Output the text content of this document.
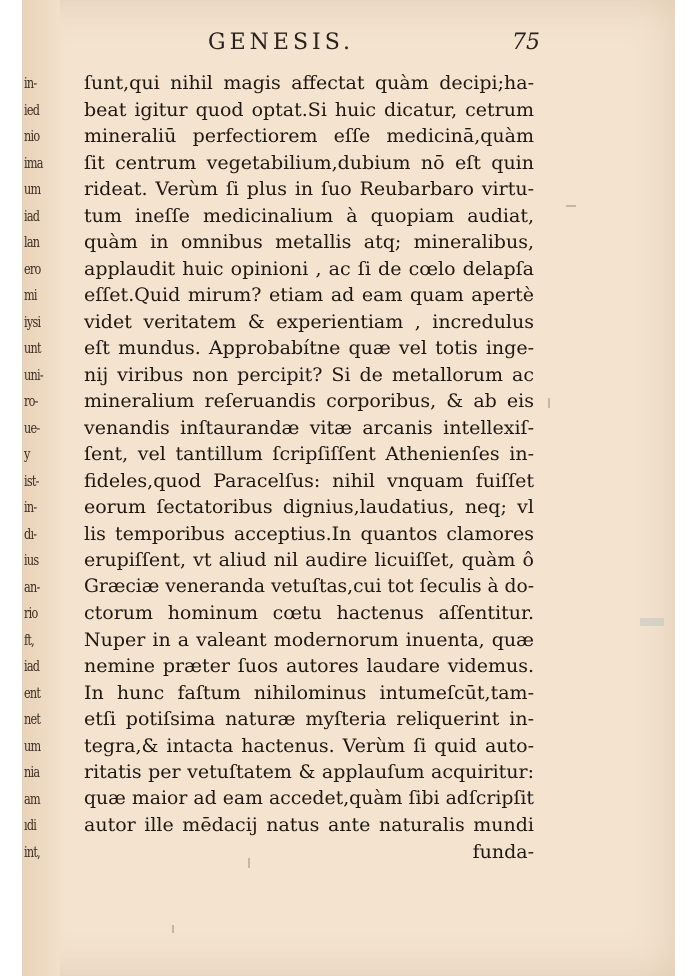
in-
ied
nio
ima
um
iad
lan
ero
mi
iysi
unt
uni-
ro-
ue-
y
ist-
in-
dı-
ius
an-
rio
ft,
iad
ent
net
um
nia
am
ıdi
int,
GENESIS.	75
ſunt,qui nihil magis affectat quàm decipi;ha-
beat igitur quod optat.Si huic dicatur, cetrum
mineraliū perfectiorem eſſe medicinā,quàm
ſit centrum vegetabilium,dubium nō eſt quin
rideat. Verùm ſi plus in ſuo Reubarbaro virtu-
tum ineſſe medicinalium à quopiam audiat,
quàm in omnibus metallis atq; mineralibus,
applaudit huic opinioni , ac ſi de cœlo delapſa
eſſet.Quid mirum? etiam ad eam quam apertè
videt veritatem & experientiam , incredulus
eſt mundus. Approbabítne quæ vel totis inge-
nij viribus non percipit? Si de metallorum ac
mineralium reſeruandis corporibus, & ab eis
venandis inſtaurandæ vitæ arcanis intellexiſ-
ſent, vel tantillum ſcripſiſſent Athenienſes in-
fideles,quod Paracelſus: nihil vnquam fuiſſet
eorum ſectatoribus dignius,laudatius, neq; vl
lis temporibus acceptius.In quantos clamores
erupiſſent, vt aliud nil audire licuiſſet, quàm ô
Græciæ veneranda vetuſtas,cui tot ſeculis à do-
ctorum hominum cœtu hactenus aſſentitur.
Nuper in a valeant modernorum inuenta, quæ
nemine præter ſuos autores laudare videmus.
In hunc faſtum nihilominus intumeſcūt,tam-
etſi potiſsima naturæ myſteria reliquerint in-
tegra,& intacta hactenus. Verùm ſi quid auto-
ritatis per vetuſtatem & applauſum acquiritur:
quæ maior ad eam accedet,quàm ſibi adſcripſit
autor ille mēdacij natus ante naturalis mundi
funda-
